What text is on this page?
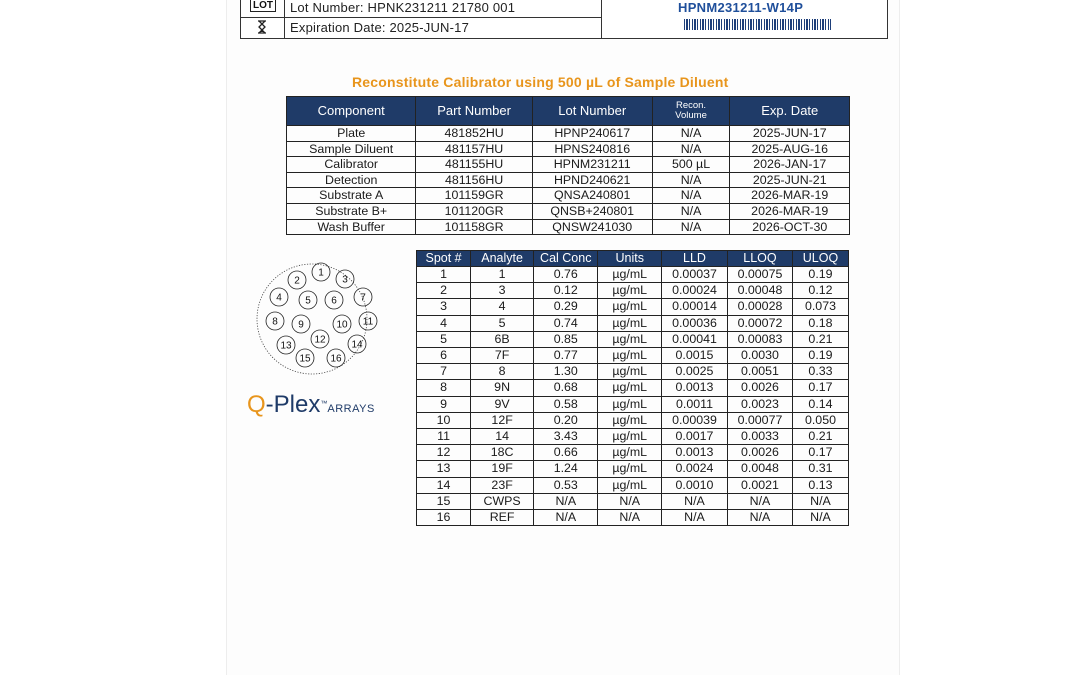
LOT Lot Number: HPNK231211 21780 001
Expiration Date: 2025-JUN-17
HPNM231211-W14P
Reconstitute Calibrator using 500 µL of Sample Diluent
Component	Part Number	Lot Number	Recon. Volume	Exp. Date
Plate	481852HU	HPNP240617	N/A	2025-JUN-17
Sample Diluent	481157HU	HPNS240816	N/A	2025-AUG-16
Calibrator	481155HU	HPNM231211	500 µL	2026-JAN-17
Detection	481156HU	HPND240621	N/A	2025-JUN-21
Substrate A	101159GR	QNSA240801	N/A	2026-MAR-19
Substrate B+	101120GR	QNSB+240801	N/A	2026-MAR-19
Wash Buffer	101158GR	QNSW241030	N/A	2026-OCT-30
1
2	3
4 5 6 7
8 9	10 11
12
13	14
15 16
Q-Plex™ARRAYS
Spot #	Analyte	Cal Conc	Units	LLD	LLOQ	ULOQ
1	1	0.76	µg/mL	0.00037	0.00075	0.19
2	3	0.12	µg/mL	0.00024	0.00048	0.12
3	4	0.29	µg/mL	0.00014	0.00028	0.073
4	5	0.74	µg/mL	0.00036	0.00072	0.18
5	6B	0.85	µg/mL	0.00041	0.00083	0.21
6	7F	0.77	µg/mL	0.0015	0.0030	0.19
7	8	1.30	µg/mL	0.0025	0.0051	0.33
8	9N	0.68	µg/mL	0.0013	0.0026	0.17
9	9V	0.58	µg/mL	0.0011	0.0023	0.14
10	12F	0.20	µg/mL	0.00039	0.00077	0.050
11	14	3.43	µg/mL	0.0017	0.0033	0.21
12	18C	0.66	µg/mL	0.0013	0.0026	0.17
13	19F	1.24	µg/mL	0.0024	0.0048	0.31
14	23F	0.53	µg/mL	0.0010	0.0021	0.13
15	CWPS	N/A	N/A	N/A	N/A	N/A
16	REF	N/A	N/A	N/A	N/A	N/A
